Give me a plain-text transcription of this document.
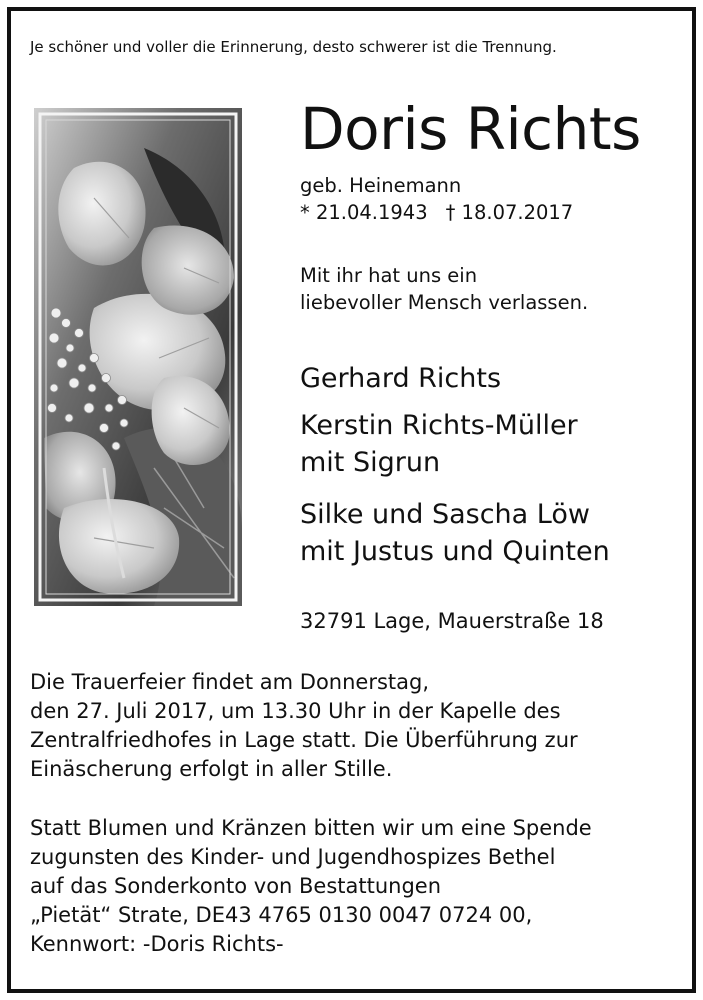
Je schöner und voller die Erinnerung, desto schwerer ist die Trennung.
Doris Richts
geb. Heinemann
* 21.04.1943 † 18.07.2017
Mit ihr hat uns ein
liebevoller Mensch verlassen.
Gerhard Richts
Kerstin Richts-Müller
mit Sigrun
Silke und Sascha Löw
mit Justus und Quinten
32791 Lage, Mauerstraße 18
Die Trauerfeier findet am Donnerstag,
den 27. Juli 2017, um 13.30 Uhr in der Kapelle des
Zentralfriedhofes in Lage statt. Die Überführung zur
Einäscherung erfolgt in aller Stille.
Statt Blumen und Kränzen bitten wir um eine Spende
zugunsten des Kinder- und Jugendhospizes Bethel
auf das Sonderkonto von Bestattungen
„Pietät“ Strate, DE43 4765 0130 0047 0724 00,
Kennwort: -Doris Richts-
